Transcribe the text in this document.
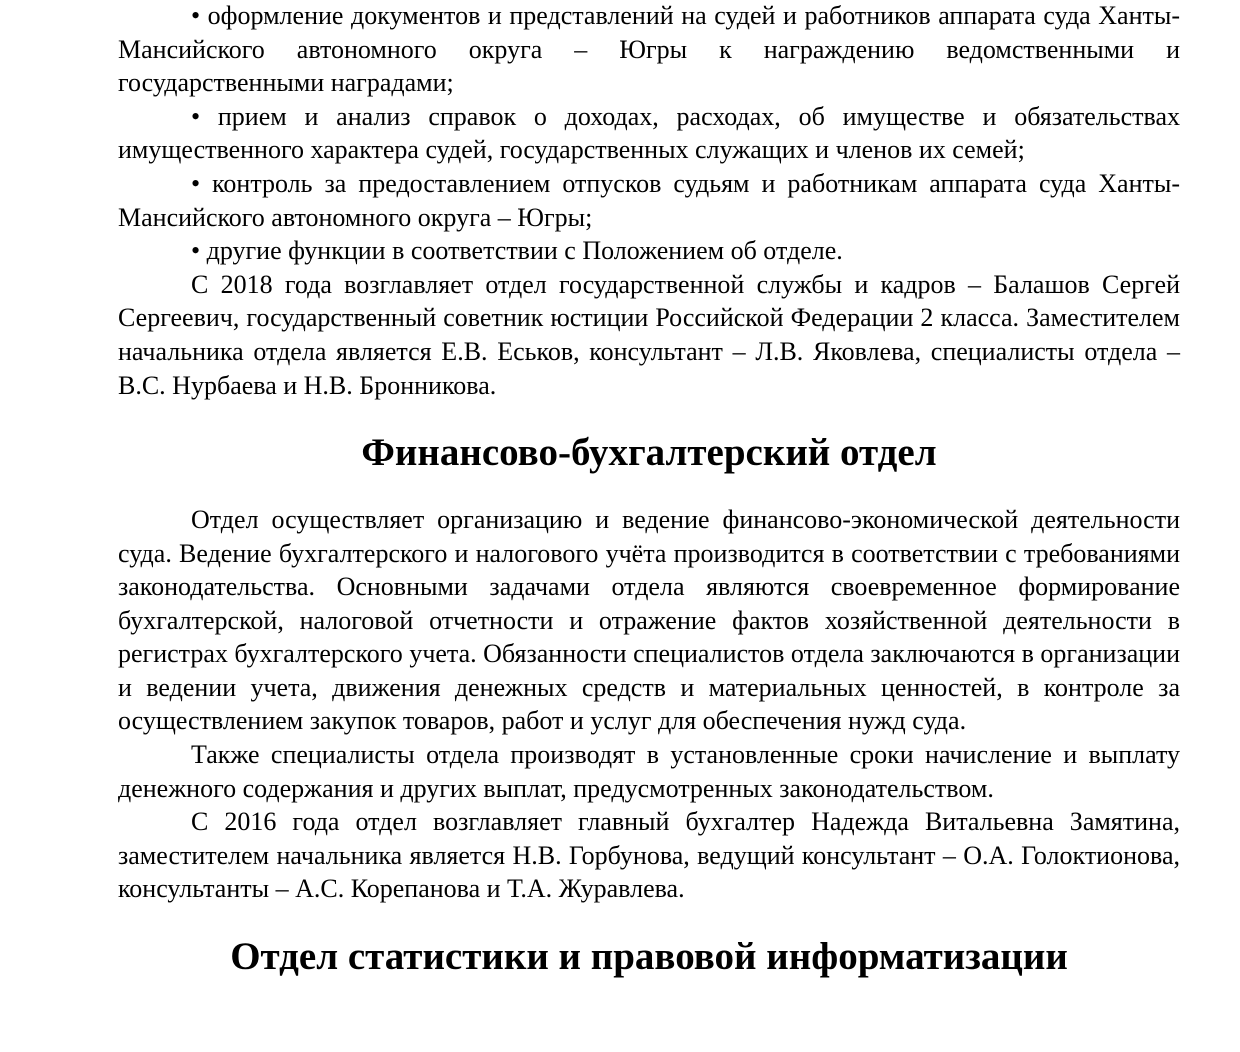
• оформление документов и представлений на судей и работников аппарата суда Ханты-Мансийского автономного округа – Югры к награждению ведомственными и государственными наградами;

• прием и анализ справок о доходах, расходах, об имуществе и обязательствах имущественного характера судей, государственных служащих и членов их семей;

• контроль за предоставлением отпусков судьям и работникам аппарата суда Ханты-Мансийского автономного округа – Югры;

• другие функции в соответствии с Положением об отделе.

С 2018 года возглавляет отдел государственной службы и кадров – Балашов Сергей Сергеевич, государственный советник юстиции Российской Федерации 2 класса. Заместителем начальника отдела является Е.В. Еськов, консультант – Л.В. Яковлева, специалисты отдела – В.С. Нурбаева и Н.В. Бронникова.

Финансово-бухгалтерский отдел

Отдел осуществляет организацию и ведение финансово-экономической деятельности суда. Ведение бухгалтерского и налогового учёта производится в соответствии с требованиями законодательства. Основными задачами отдела являются своевременное формирование бухгалтерской, налоговой отчетности и отражение фактов хозяйственной деятельности в регистрах бухгалтерского учета. Обязанности специалистов отдела заключаются в организации и ведении учета, движения денежных средств и материальных ценностей, в контроле за осуществлением закупок товаров, работ и услуг для обеспечения нужд суда.

Также специалисты отдела производят в установленные сроки начисление и выплату денежного содержания и других выплат, предусмотренных законодательством.

С 2016 года отдел возглавляет главный бухгалтер Надежда Витальевна Замятина, заместителем начальника является Н.В. Горбунова, ведущий консультант – О.А. Голоктионова, консультанты – А.С. Корепанова и Т.А. Журавлева.

Отдел статистики и правовой информатизации
